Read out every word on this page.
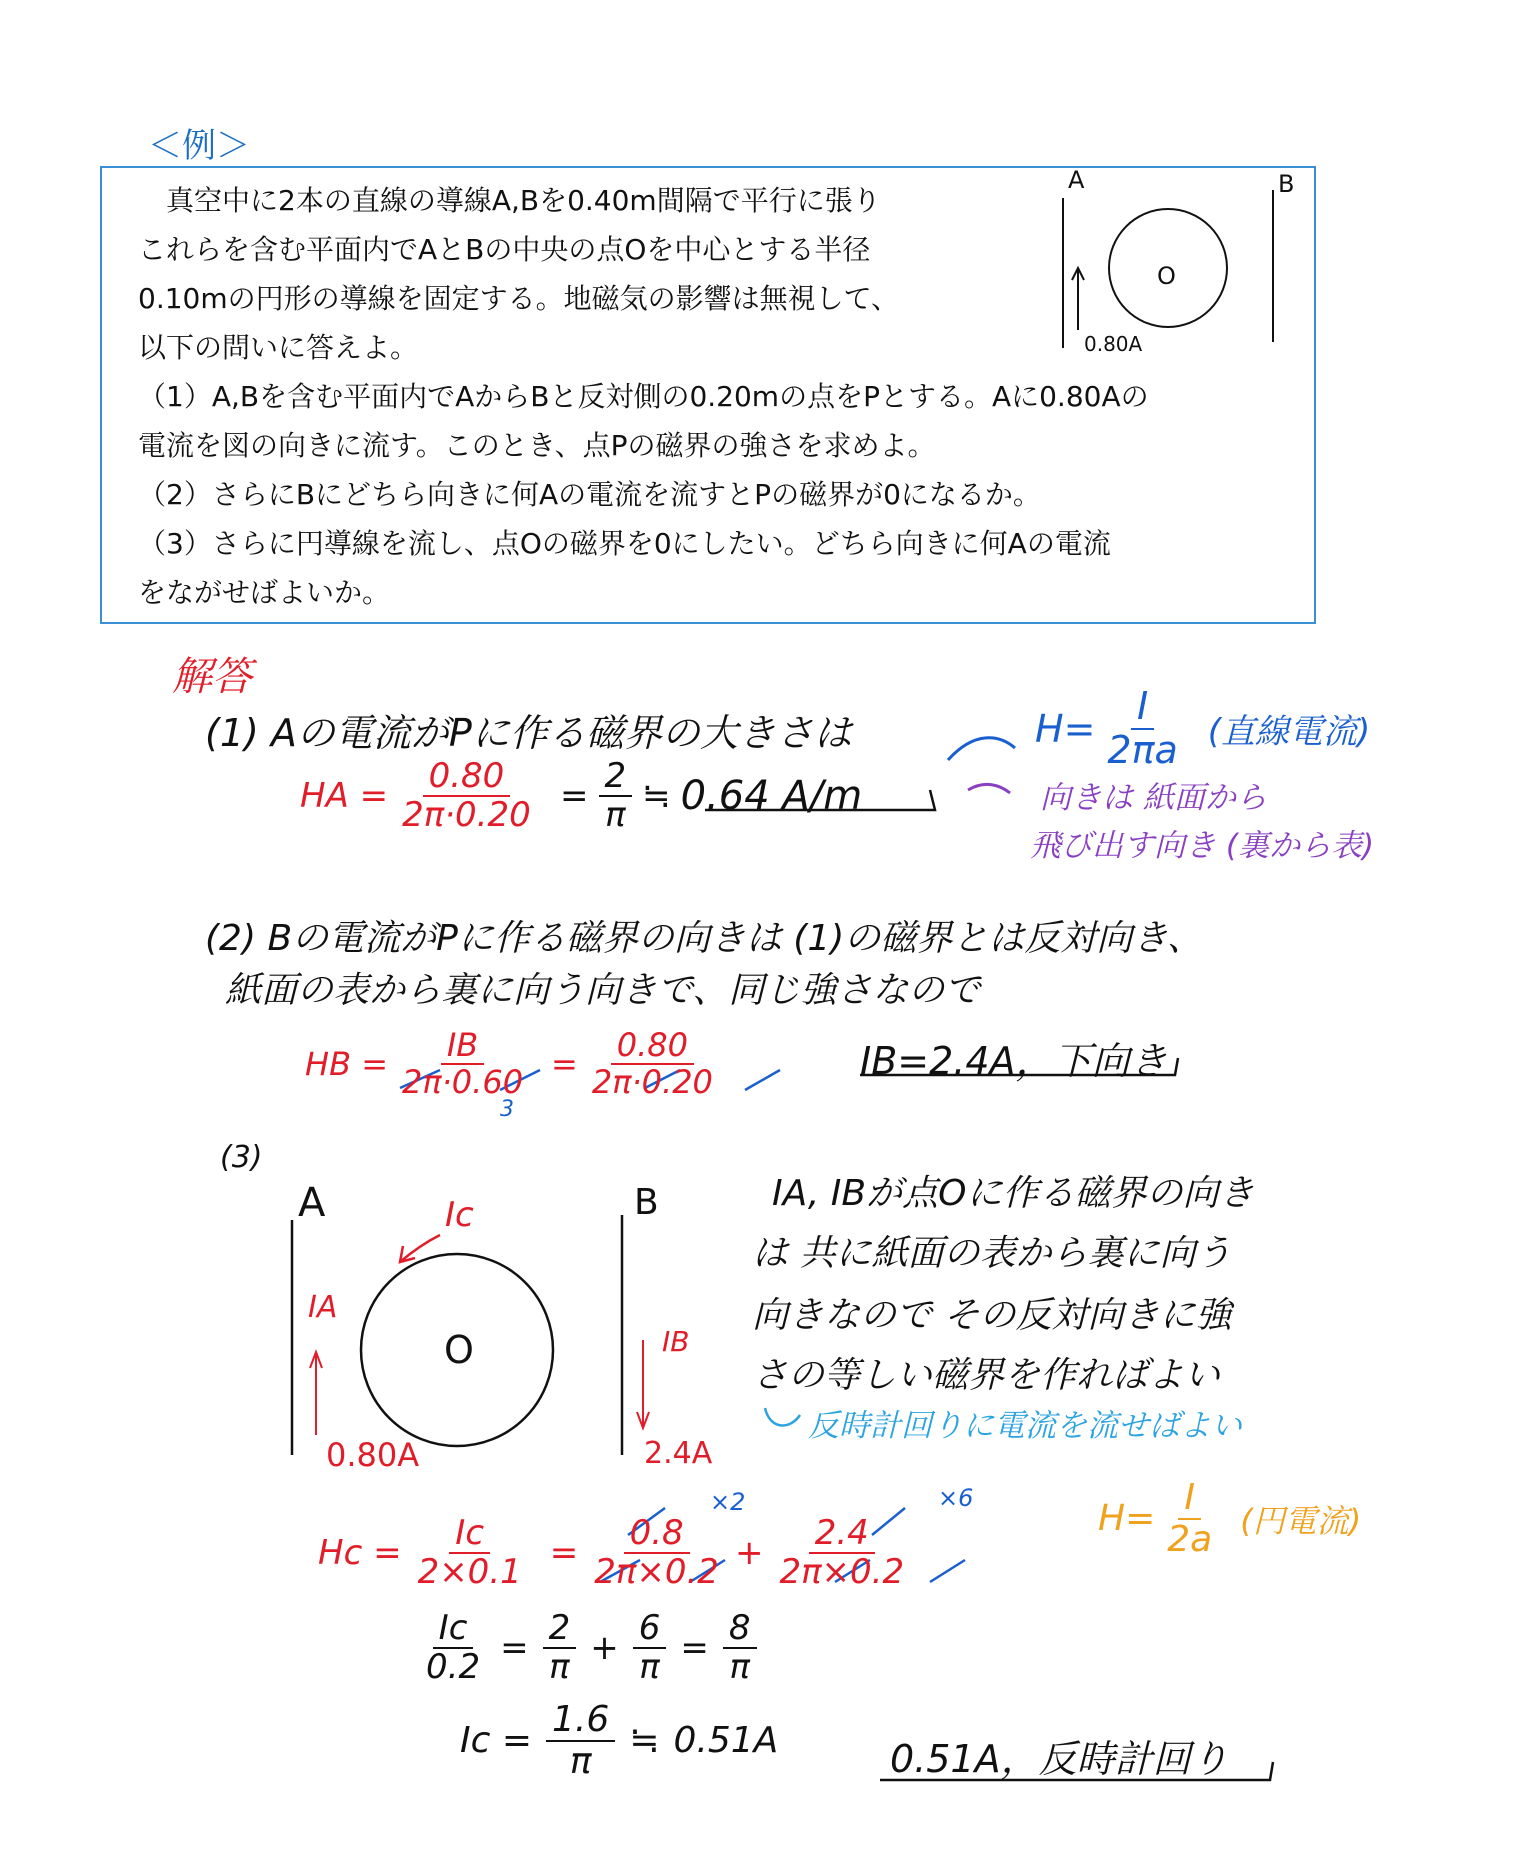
＜例＞
　真空中に2本の直線の導線A,Bを0.40m間隔で平行に張り
これらを含む平面内でAとBの中央の点Oを中心とする半径
0.10mの円形の導線を固定する。地磁気の影響は無視して、
以下の問いに答えよ。
（1）A,Bを含む平面内でAからBと反対側の0.20mの点をPとする。Aに0.80Aの
電流を図の向きに流す。このとき、点Pの磁界の強さを求めよ。
（2）さらにBにどちら向きに何Aの電流を流すとPの磁界が0になるか。
（3）さらに円導線を流し、点Oの磁界を0にしたい。どちら向きに何Aの電流
をながせばよいか。
A	B
O
0.80A
解答
(1) Aの電流がPに作る磁界の大きさは
HA = $\frac{0.80}{2\pi\cdot 0.20} = \frac{2}{\pi}$ ≒ 0.64 A/m
$H= \frac{I}{2\pi a}$ (直線電流)
向きは 紙面から
飛び出す向き (裏から表)
(2) Bの電流がPに作る磁界の向きは (1)の磁界とは反対向き、
紙面の表から裏に向う向きで、同じ強さなので
HB = $\frac{IB}{2\pi\cdot 0.60} = \frac{0.80}{2\pi\cdot 0.20}$
3
IB=2.4A，下向き
(3)
A	B
O
Ic
IA
IB
0.80A	2.4A
IA, IBが点Oに作る磁界の向き
は 共に紙面の表から裏に向う
向きなので その反対向きに強
さの等しい磁界を作ればよい
反時計回りに電流を流せばよい
$H= \frac{I}{2a}$ (円電流)
$Hc = \frac{Ic}{2\times 0.1} = \frac{0.8}{2\pi\times 0.2} + \frac{2.4}{2\pi\times 0.2}$
×2	×6
$\frac{Ic}{0.2} = \frac{2}{\pi} + \frac{6}{\pi} = \frac{8}{\pi}$
$Ic = \frac{1.6}{\pi}$ ≒ 0.51A	0.51A，反時計回り
